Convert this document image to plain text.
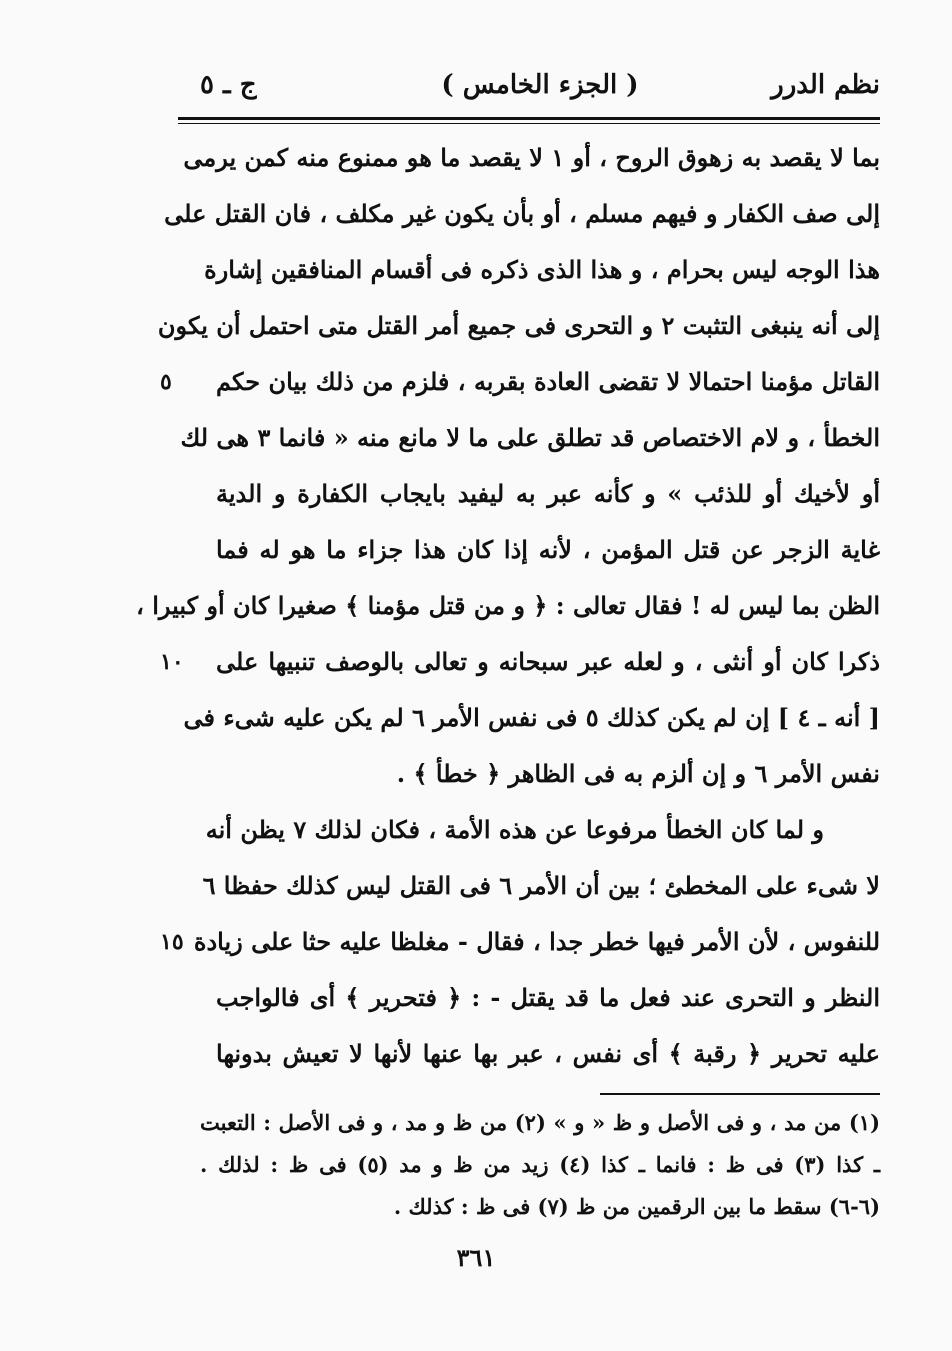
نظم الدرر
( الجزء الخامس )
ج ـ ٥
بما لا يقصد به زهوق الروح ، أو ١ لا يقصد ما هو ممنوع منه كمن يرمى
إلى صف الكفار و فيهم مسلم ، أو بأن يكون غير مكلف ، فان القتل على
هذا الوجه ليس بحرام ، و هذا الذى ذكره فى أقسام المنافقين إشارة
إلى أنه ينبغى التثبت ٢ و التحرى فى جميع أمر القتل متى احتمل أن يكون
القاتل مؤمنا احتمالا لا تقضى العادة بقربه ، فلزم من ذلك بيان حكم
٥
الخطأ ، و لام الاختصاص قد تطلق على ما لا مانع منه « فانما ٣ هى لك
أو لأخيك أو للذئب » و كأنه عبر به ليفيد بايجاب الكفارة و الدية
غاية الزجر عن قتل المؤمن ، لأنه إذا كان هذا جزاء ما هو له فما
الظن بما ليس له ! فقال تعالى : ﴿ و من قتل مؤمنا ﴾ صغيرا كان أو كبيرا ،
ذكرا كان أو أنثى ، و لعله عبر سبحانه و تعالى بالوصف تنبيها على
١٠
[ أنه ـ ٤ ] إن لم يكن كذلك ٥ فى نفس الأمر ٦ لم يكن عليه شىء فى
نفس الأمر ٦ و إن ألزم به فى الظاهر ﴿ خطأ ﴾ .
و لما كان الخطأ مرفوعا عن هذه الأمة ، فكان لذلك ٧ يظن أنه
لا شىء على المخطئ ؛ بين أن الأمر ٦ فى القتل ليس كذلك حفظا ٦
للنفوس ، لأن الأمر فيها خطر جدا ، فقال - مغلظا عليه حثا على زيادة
١٥
النظر و التحرى عند فعل ما قد يقتل - : ﴿ فتحرير ﴾ أى فالواجب
عليه تحرير ﴿ رقبة ﴾ أى نفس ، عبر بها عنها لأنها لا تعيش بدونها
(١) من مد ، و فى الأصل و ظ « و » (٢) من ظ و مد ، و فى الأصل : التعبت
ـ كذا (٣) فى ظ : فانما ـ كذا (٤) زيد من ظ و مد (٥) فى ظ : لذلك .
(٦-٦) سقط ما بين الرقمين من ظ (٧) فى ظ : كذلك .
٣٦١
